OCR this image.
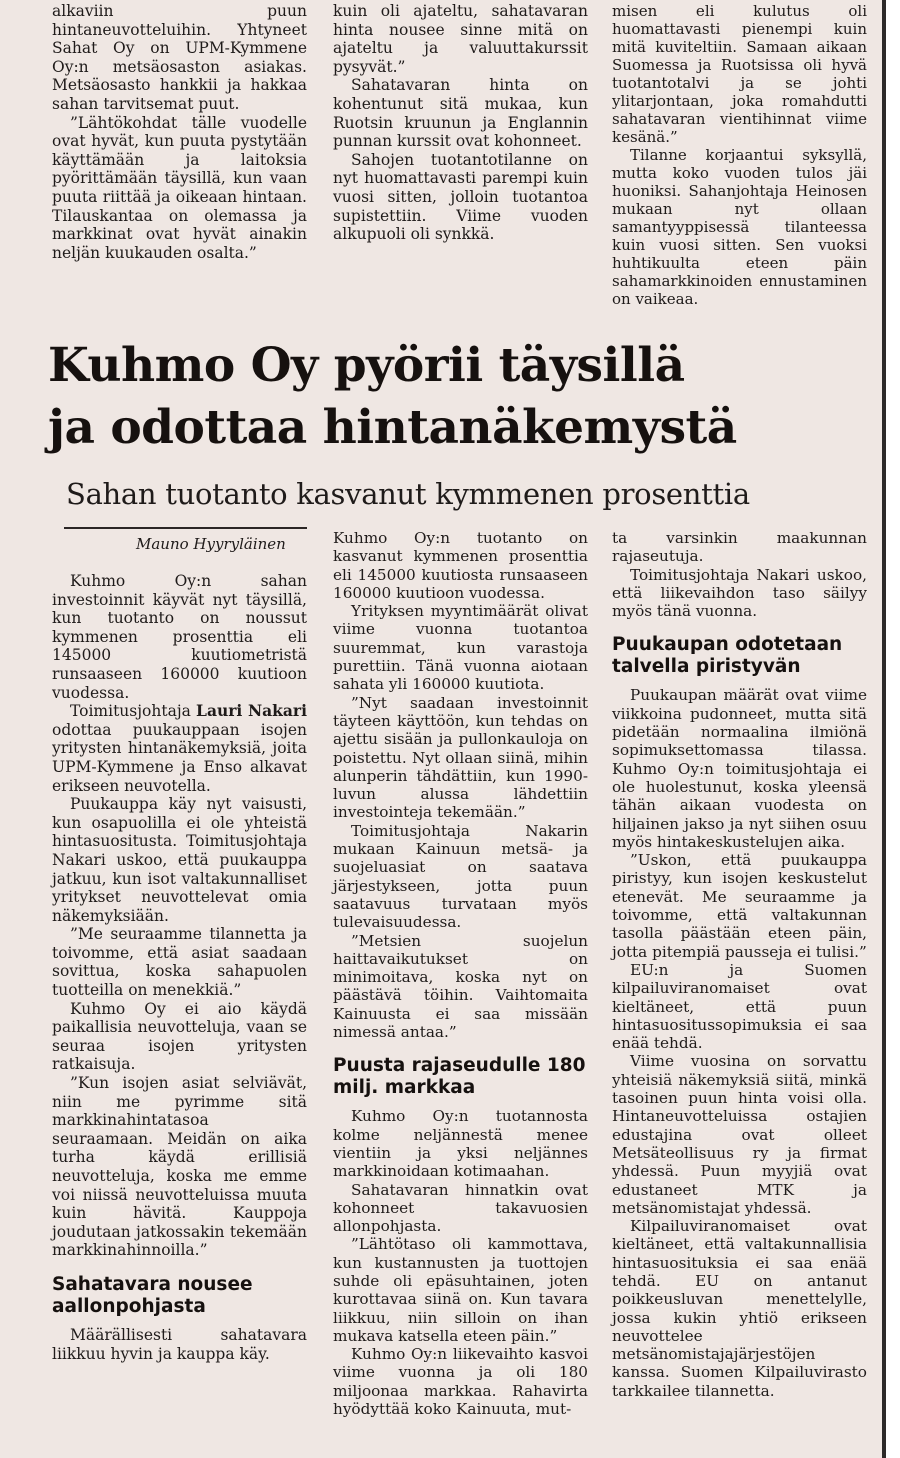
alkaviin puun hintaneuvotteluihin. Yhtyneet Sahat Oy on UPM-Kymmene Oy:n metsäosaston asiakas. Metsäosasto hankkii ja hakkaa sahan tarvitsemat puut.

”Lähtökohdat tälle vuodelle ovat hyvät, kun puuta pystytään käyttämään ja laitoksia pyörittämään täysillä, kun vaan puuta riittää ja oikeaan hintaan. Tilauskantaa on olemassa ja markkinat ovat hyvät ainakin neljän kuukauden osalta.”

kuin oli ajateltu, sahatavaran hinta nousee sinne mitä on ajateltu ja valuuttakurssit pysyvät.”

Sahatavaran hinta on kohentunut sitä mukaa, kun Ruotsin kruunun ja Englannin punnan kurssit ovat kohonneet.

Sahojen tuotantotilanne on nyt huomattavasti parempi kuin vuosi sitten, jolloin tuotantoa supistettiin. Viime vuoden alkupuoli oli synkkä.

misen eli kulutus oli huomattavasti pienempi kuin mitä kuviteltiin. Samaan aikaan Suomessa ja Ruotsissa oli hyvä tuotantotalvi ja se johti ylitarjontaan, joka romahdutti sahatavaran vientihinnat viime kesänä.”

Tilanne korjaantui syksyllä, mutta koko vuoden tulos jäi huoniksi. Sahanjohtaja Heinosen mukaan nyt ollaan samantyyppisessä tilanteessa kuin vuosi sitten. Sen vuoksi huhtikuulta eteen päin sahamarkkinoiden ennustaminen on vaikeaa.

Kuhmo Oy pyörii täysillä
ja odottaa hintanäkemystä
Sahan tuotanto kasvanut kymmenen prosenttia
Mauno Hyyryläinen

Kuhmo Oy:n sahan investoinnit käyvät nyt täysillä, kun tuotanto on noussut kymmenen prosenttia eli 145000 kuutiometristä runsaaseen 160000 kuutioon vuodessa.

Toimitusjohtaja Lauri Nakari odottaa puukauppaan isojen yritysten hintanäkemyksiä, joita UPM-Kymmene ja Enso alkavat erikseen neuvotella.

Puukauppa käy nyt vaisusti, kun osapuolilla ei ole yhteistä hintasuositusta. Toimitusjohtaja Nakari uskoo, että puukauppa jatkuu, kun isot valtakunnalliset yritykset neuvottelevat omia näkemyksiään.

”Me seuraamme tilannetta ja toivomme, että asiat saadaan sovittua, koska sahapuolen tuotteilla on menekkiä.”

Kuhmo Oy ei aio käydä paikallisia neuvotteluja, vaan se seuraa isojen yritysten ratkaisuja.

”Kun isojen asiat selviävät, niin me pyrimme sitä markkinahintatasoa seuraamaan. Meidän on aika turha käydä erillisiä neuvotteluja, koska me emme voi niissä neuvotteluissa muuta kuin hävitä. Kauppoja joudutaan jatkossakin tekemään markkinahinnoilla.”

Sahatavara nousee aallonpohjasta

Määrällisesti sahatavara liikkuu hyvin ja kauppa käy.

Kuhmo Oy:n tuotanto on kasvanut kymmenen prosenttia eli 145000 kuutiosta runsaaseen 160000 kuutioon vuodessa.

Yrityksen myyntimäärät olivat viime vuonna tuotantoa suuremmat, kun varastoja purettiin. Tänä vuonna aiotaan sahata yli 160000 kuutiota.

”Nyt saadaan investoinnit täyteen käyttöön, kun tehdas on ajettu sisään ja pullonkauloja on poistettu. Nyt ollaan siinä, mihin alunperin tähdättiin, kun 1990-luvun alussa lähdettiin investointeja tekemään.”

Toimitusjohtaja Nakarin mukaan Kainuun metsä- ja suojeluasiat on saatava järjestykseen, jotta puun saatavuus turvataan myös tulevaisuudessa.

”Metsien suojelun haittavaikutukset on minimoitava, koska nyt on päästävä töihin. Vaihtomaita Kainuusta ei saa missään nimessä antaa.”

Puusta rajaseudulle 180 milj. markkaa

Kuhmo Oy:n tuotannosta kolme neljännestä menee vientiin ja yksi neljännes markkinoidaan kotimaahan.

Sahatavaran hinnatkin ovat kohonneet takavuosien allonpohjasta.

”Lähtötaso oli kammottava, kun kustannusten ja tuottojen suhde oli epäsuhtainen, joten kurottavaa siinä on. Kun tavara liikkuu, niin silloin on ihan mukava katsella eteen päin.”

Kuhmo Oy:n liikevaihto kasvoi viime vuonna ja oli 180 miljoonaa markkaa. Rahavirta hyödyttää koko Kainuuta, mut-

ta varsinkin maakunnan rajaseutuja.

Toimitusjohtaja Nakari uskoo, että liikevaihdon taso säilyy myös tänä vuonna.

Puukaupan odotetaan talvella piristyvän

Puukaupan määrät ovat viime viikkoina pudonneet, mutta sitä pidetään normaalina ilmiönä sopimuksettomassa tilassa. Kuhmo Oy:n toimitusjohtaja ei ole huolestunut, koska yleensä tähän aikaan vuodesta on hiljainen jakso ja nyt siihen osuu myös hintakeskustelujen aika.

”Uskon, että puukauppa piristyy, kun isojen keskustelut etenevät. Me seuraamme ja toivomme, että valtakunnan tasolla päästään eteen päin, jotta pitempiä pausseja ei tulisi.”

EU:n ja Suomen kilpailuviranomaiset ovat kieltäneet, että puun hintasuositussopimuksia ei saa enää tehdä.

Viime vuosina on sorvattu yhteisiä näkemyksiä siitä, minkä tasoinen puun hinta voisi olla. Hintaneuvotteluissa ostajien edustajina ovat olleet Metsäteollisuus ry ja firmat yhdessä. Puun myyjiä ovat edustaneet MTK ja metsänomistajat yhdessä.

Kilpailuviranomaiset ovat kieltäneet, että valtakunnallisia hintasuosituksia ei saa enää tehdä. EU on antanut poikkeusluvan menettelylle, jossa kukin yhtiö erikseen neuvottelee metsänomistajajärjestöjen kanssa. Suomen Kilpailuvirasto tarkkailee tilannetta.
